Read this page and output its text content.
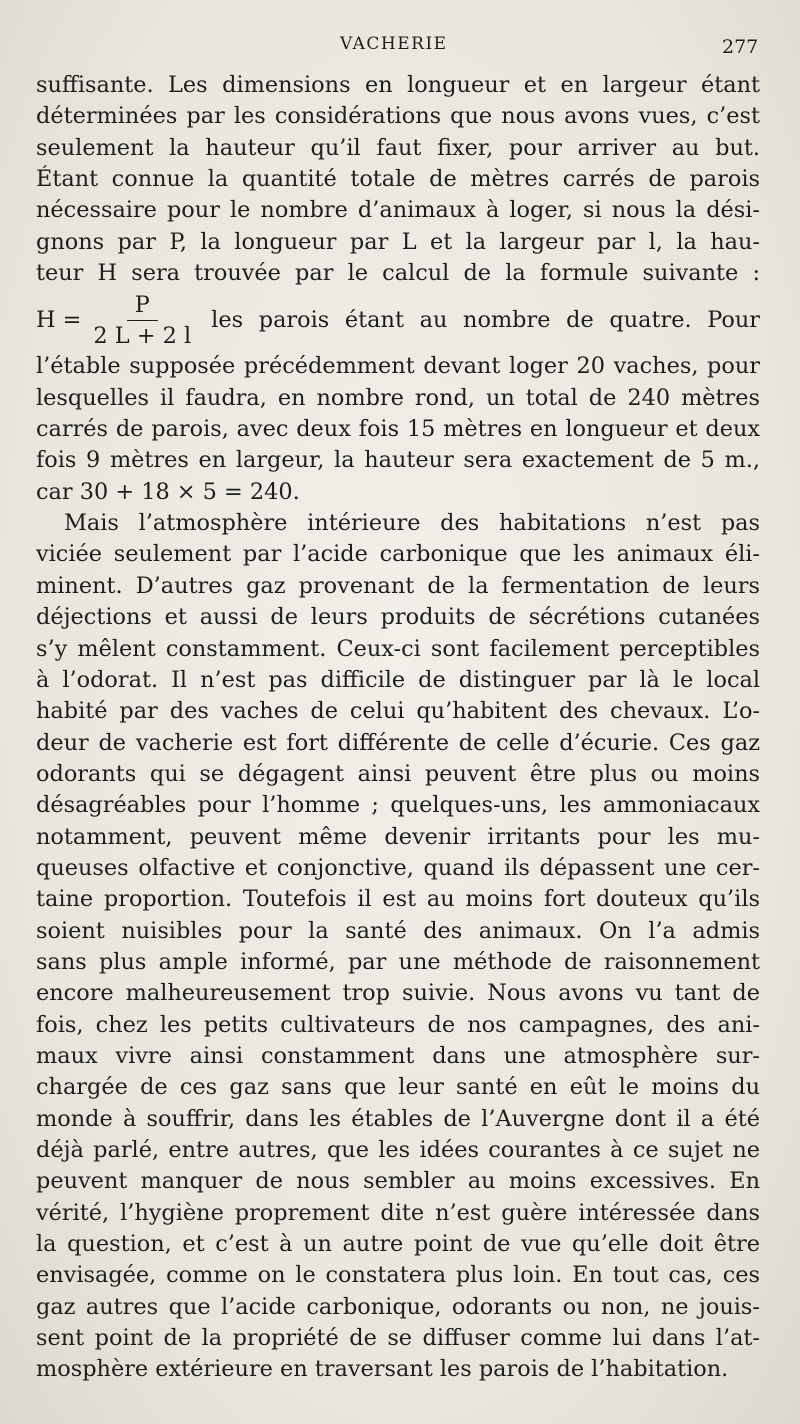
VACHERIE	277
suffisante. Les dimensions en longueur et en largeur étant
déterminées par les considérations que nous avons vues, c’est
seulement la hauteur qu’il faut fixer, pour arriver au but.
Étant connue la quantité totale de mètres carrés de parois
nécessaire pour le nombre d’animaux à loger, si nous la dési-
gnons par P, la longueur par L et la largeur par l, la hau-
teur H sera trouvée par le calcul de la formule suivante :
$H = \frac{P}{2 L + 2 l}$ les parois étant au nombre de quatre. Pour
l’étable supposée précédemment devant loger 20 vaches, pour
lesquelles il faudra, en nombre rond, un total de 240 mètres
carrés de parois, avec deux fois 15 mètres en longueur et deux
fois 9 mètres en largeur, la hauteur sera exactement de 5 m.,
car 30 + 18 × 5 = 240.
Mais l’atmosphère intérieure des habitations n’est pas
viciée seulement par l’acide carbonique que les animaux éli-
minent. D’autres gaz provenant de la fermentation de leurs
déjections et aussi de leurs produits de sécrétions cutanées
s’y mêlent constamment. Ceux-ci sont facilement perceptibles
à l’odorat. Il n’est pas difficile de distinguer par là le local
habité par des vaches de celui qu’habitent des chevaux. L’o-
deur de vacherie est fort différente de celle d’écurie. Ces gaz
odorants qui se dégagent ainsi peuvent être plus ou moins
désagréables pour l’homme ; quelques-uns, les ammoniacaux
notamment, peuvent même devenir irritants pour les mu-
queuses olfactive et conjonctive, quand ils dépassent une cer-
taine proportion. Toutefois il est au moins fort douteux qu’ils
soient nuisibles pour la santé des animaux. On l’a admis
sans plus ample informé, par une méthode de raisonnement
encore malheureusement trop suivie. Nous avons vu tant de
fois, chez les petits cultivateurs de nos campagnes, des ani-
maux vivre ainsi constamment dans une atmosphère sur-
chargée de ces gaz sans que leur santé en eût le moins du
monde à souffrir, dans les étables de l’Auvergne dont il a été
déjà parlé, entre autres, que les idées courantes à ce sujet ne
peuvent manquer de nous sembler au moins excessives. En
vérité, l’hygiène proprement dite n’est guère intéressée dans
la question, et c’est à un autre point de vue qu’elle doit être
envisagée, comme on le constatera plus loin. En tout cas, ces
gaz autres que l’acide carbonique, odorants ou non, ne jouis-
sent point de la propriété de se diffuser comme lui dans l’at-
mosphère extérieure en traversant les parois de l’habitation.
